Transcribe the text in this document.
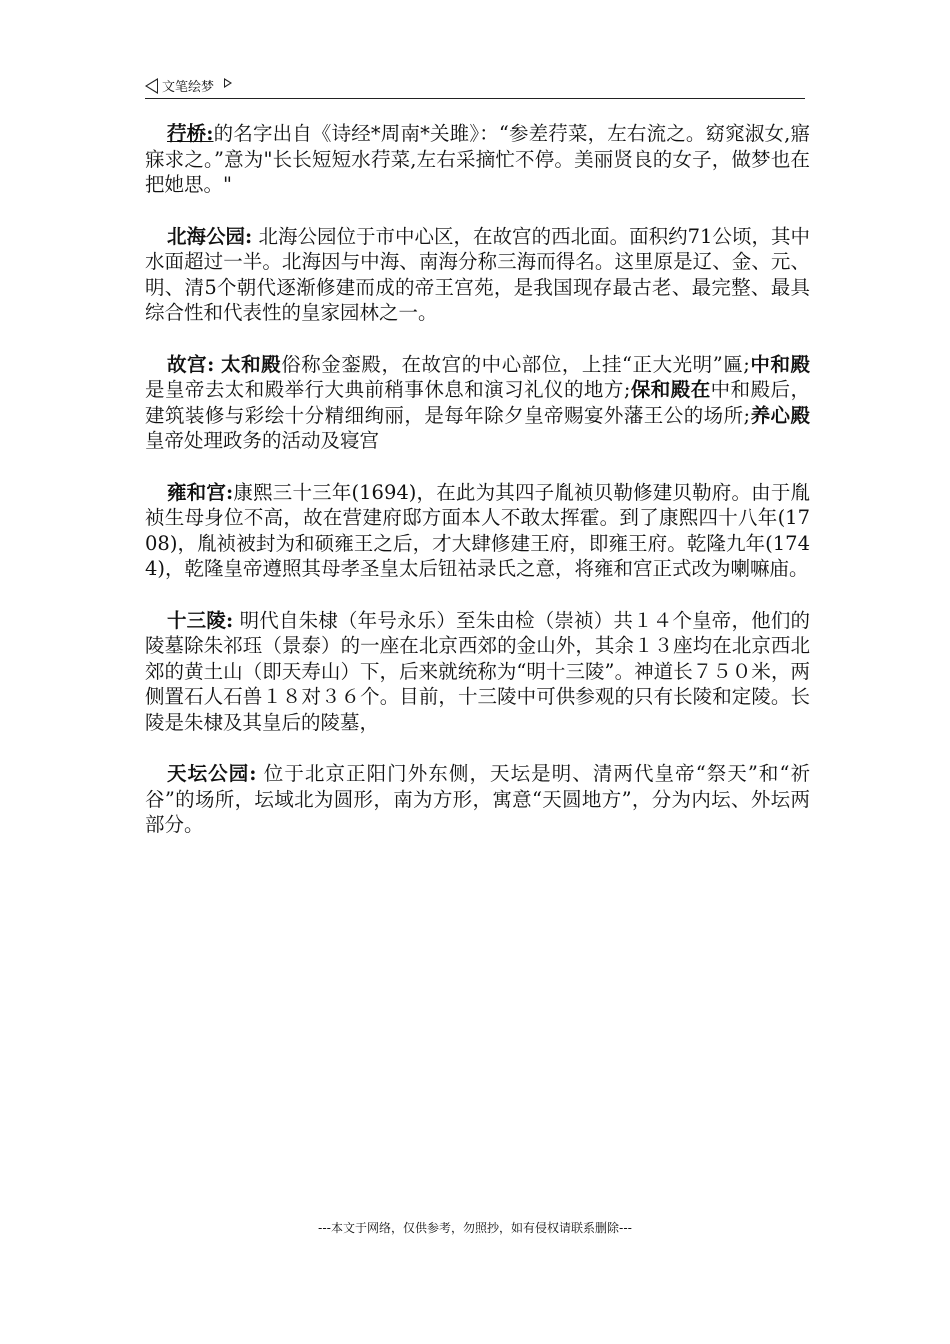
文笔绘梦

荇桥:的名字出自《诗经*周南*关雎》：“参差荇菜，左右流之。窈窕淑女,寤寐求之。”意为"长长短短水荇菜,左右采摘忙不停。美丽贤良的女子，做梦也在把她思。"

北海公园: 北海公园位于市中心区，在故宫的西北面。面积约71公顷，其中水面超过一半。北海因与中海、南海分称三海而得名。这里原是辽、金、元、明、清5个朝代逐渐修建而成的帝王宫苑，是我国现存最古老、最完整、最具综合性和代表性的皇家园林之一。

故宫: 太和殿俗称金銮殿，在故宫的中心部位，上挂“正大光明”匾;中和殿是皇帝去太和殿举行大典前稍事休息和演习礼仪的地方;保和殿在中和殿后，建筑装修与彩绘十分精细绚丽，是每年除夕皇帝赐宴外藩王公的场所;养心殿皇帝处理政务的活动及寝宫

雍和宫:康熙三十三年(1694)，在此为其四子胤祯贝勒修建贝勒府。由于胤祯生母身位不高，故在营建府邸方面本人不敢太挥霍。到了康熙四十八年(1708)，胤祯被封为和硕雍王之后，才大肆修建王府，即雍王府。乾隆九年(1744)，乾隆皇帝遵照其母孝圣皇太后钮祜录氏之意，将雍和宫正式改为喇嘛庙。

十三陵: 明代自朱棣（年号永乐）至朱由检（崇祯）共１４个皇帝，他们的陵墓除朱祁珏（景泰）的一座在北京西郊的金山外，其余１３座均在北京西北郊的黄土山（即天寿山）下，后来就统称为“明十三陵”。神道长７５０米，两侧置石人石兽１８对３６个。目前，十三陵中可供参观的只有长陵和定陵。长陵是朱棣及其皇后的陵墓，

天坛公园: 位于北京正阳门外东侧，天坛是明、清两代皇帝“祭天”和“祈谷”的场所，坛域北为圆形，南为方形，寓意“天圆地方”，分为内坛、外坛两部分。

---本文于网络，仅供参考，勿照抄，如有侵权请联系删除---
